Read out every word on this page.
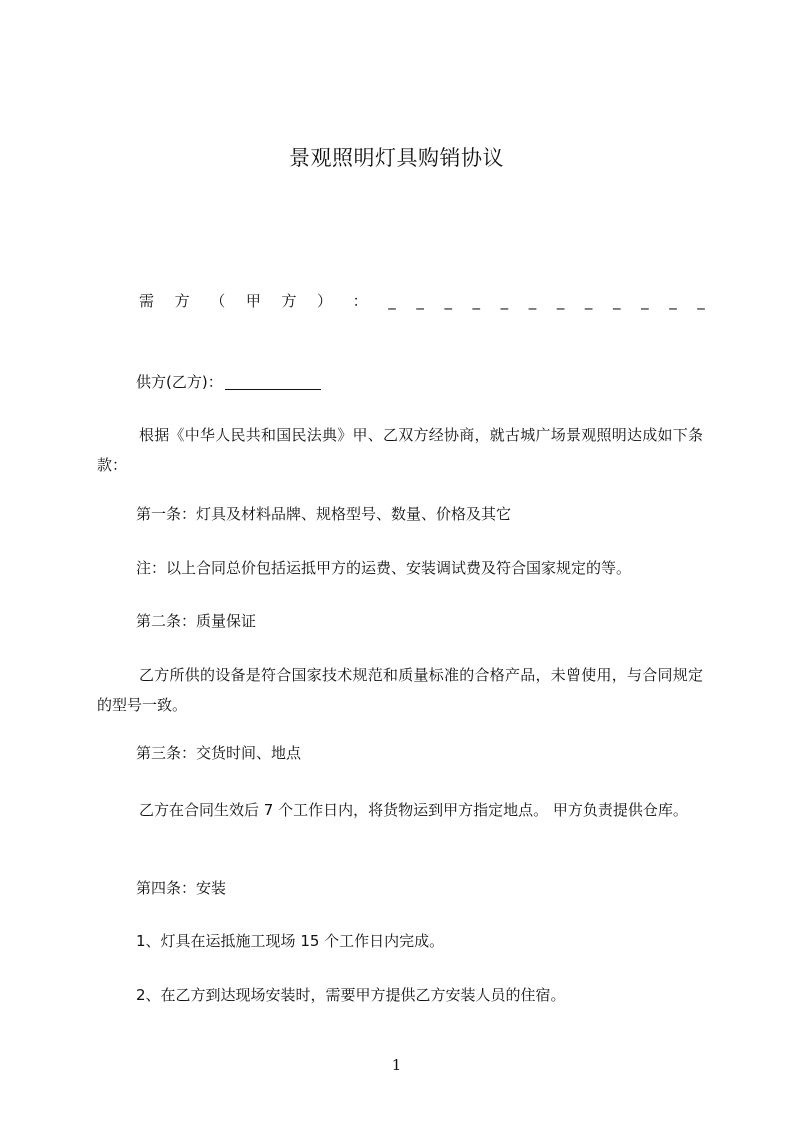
景观照明灯具购销协议
需 方 （ 甲 方 ） ： _ _ _ _ _ _ _ _ _ _ _ _
供方(乙方)：
根据《中华人民共和国民法典》甲、乙双方经协商，就古城广场景观照明达成如下条款：
第一条：灯具及材料品牌、规格型号、数量、价格及其它
注：以上合同总价包括运抵甲方的运费、安装调试费及符合国家规定的等。
第二条：质量保证
乙方所供的设备是符合国家技术规范和质量标准的合格产品，未曾使用，与合同规定的型号一致。
第三条：交货时间、地点
乙方在合同生效后 7 个工作日内，将货物运到甲方指定地点。 甲方负责提供仓库。
第四条：安装
1、灯具在运抵施工现场 15 个工作日内完成。
2、在乙方到达现场安装时，需要甲方提供乙方安装人员的住宿。
1
